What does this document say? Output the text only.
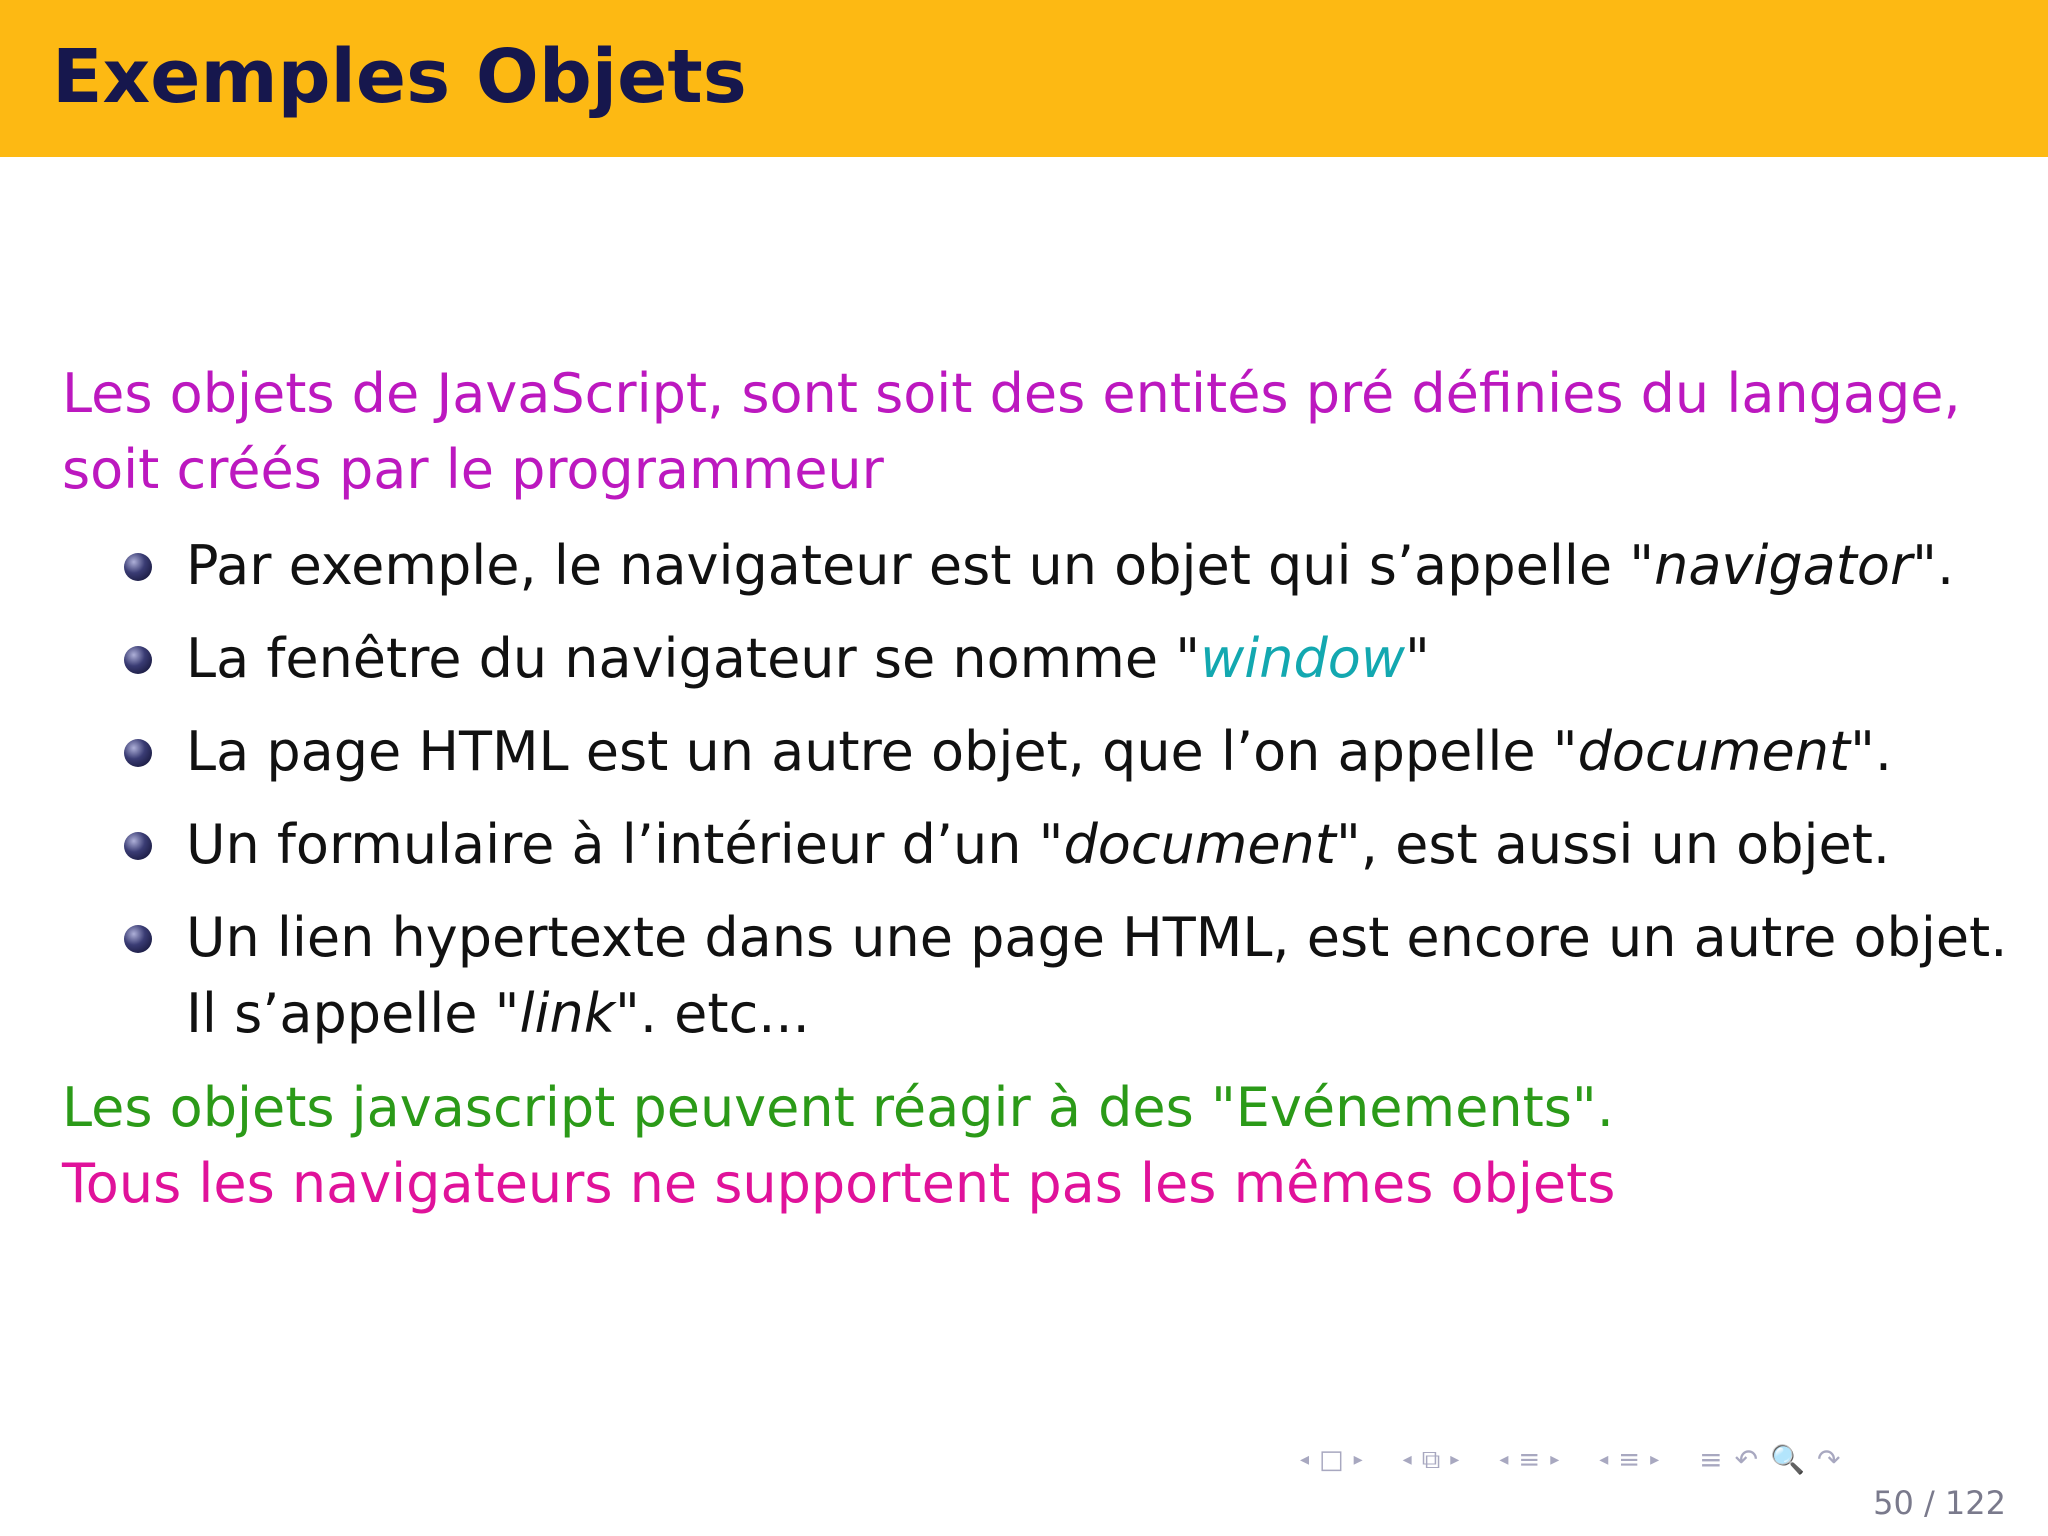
Exemples Objets
Les objets de JavaScript, sont soit des entités pré définies du langage, soit créés par le programmeur
Par exemple, le navigateur est un objet qui s’appelle "navigator".
La fenêtre du navigateur se nomme "window"
La page HTML est un autre objet, que l’on appelle "document".
Un formulaire à l’intérieur d’un "document", est aussi un objet.
Un lien hypertexte dans une page HTML, est encore un autre objet. Il s’appelle "link". etc...
Les objets javascript peuvent réagir à des "Evénements".
Tous les navigateurs ne supportent pas les mêmes objets
◂ □ ▸ ◂ ⧉ ▸ ◂ ≡ ▸ ◂ ≡ ▸ ≡ ↶ 🔍 ↷
50 / 122
